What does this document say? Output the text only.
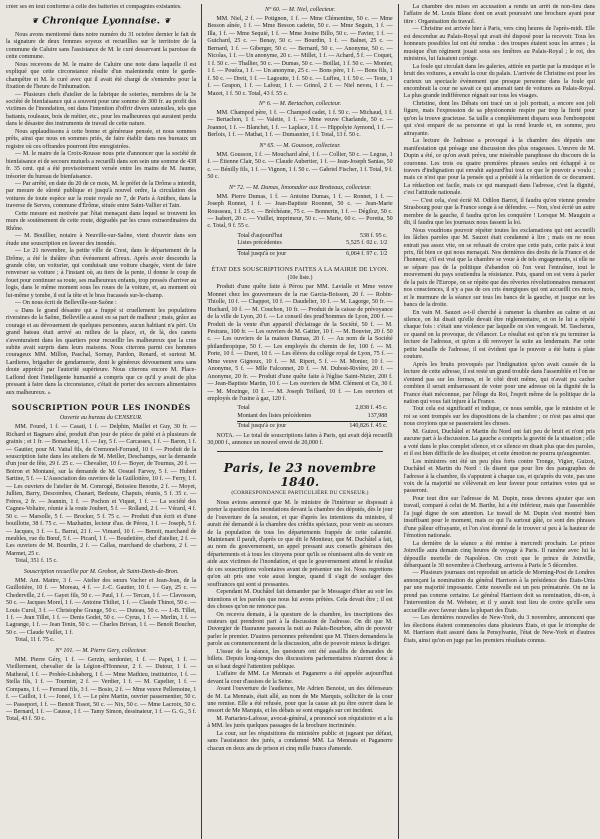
créer ses en tout conforme à celle des batteries et compagnies existantes.

❦ Chronique Lyonnaise. ❦

Nous avons mentionné dans notre numéro du 31 octobre dernier le fait de la signature de deux femmes soyeux et recueillies sur le territoire de la commune de Caluire sans l'assistance de M. le curé desservant la paroisse de cette commune.

Nous recevons de M. le maire de Caluire une note dans laquelle il est expliqué que cette circonstance résulte d'un malentendu entre le garde-champêtre et M. le curé avec qui il avait été chargé de s'entendre pour la fixation de l'heure de l'inhumation.

— Plusieurs chefs d'atelier de la fabrique de soieries, membres de la 3e société de bienfaisance qui a souvent pour une somme de 300 fr. au profit des victimes de l'inondation, ont dans l'intention d'offrir divers ustensiles, tels que battants, rouleaux, bois de métier, etc., pour les malheureux qui auraient perdu dans le désastre des instruments de travail de cette nature.

Nous applaudissons à cette bonne et généreuse pensée, et nous sommes prêts, ainsi que nous en sommes priés, de faire établir dans nos bureaux un registre où ces offrandes pourront être enregistrées.

— M. le maire de la Croix-Rousse nous prie d'annoncer que la société de bienfaisance et de secours mutuels a recueilli dans son sein une somme de 438 fr. 35 cent. qui a été provisoirement versée entre les mains de M. Jaume, trésorier du bureau de bienfaisance.

— Par arrêté, en date du 20 de ce mois, M. le préfet de la Drôme a interdit, par mesure de sûreté publique et jusqu'à nouvel ordre, la circulation des voitures de toute espèce sur la route royale no 7, de Paris à Antibes, dans la traverse de Serves, commune d'Érôme, située entre Saint-Vallier et Tain.

Cette mesure est motivée par l'état menaçant dans lequel se trouvent les murs de soutènement de cette route, dégradés par les crues extraordinaires du Rhône.

— M. Bouillier, notaire à Neuville-sur-Saône, vient d'ouvrir dans son étude une souscription en faveur des inondés.

— Le 21 novembre, la petite ville de Crest, dans le département de la Drôme, a été le théâtre d'un événement affreux. Après avoir descendu la grande côte, un voiturier, qui conduisait une voiture chargée, vient de faire renverser sa voiture ; à l'instant où, au tiers de la pente, il donne le coup de fouet pour continuer sa route, ses malheureux enfants, trop pressés d'arriver au logis, dans le même moment sous les roues de la voiture, et, au moment où lui-même y tombe, il eut la tête et le bras fracassés sur-le-champ.

— On nous écrit de Belleville-sur-Saône :

« Dans le grand désastre qui a frappé si cruellement les populations riveraines de la Saône, Belleville a aussi eu sa part de malheur ; mais, grâce au courage et au dévouement de quelques personnes, aucun habitant n'a péri. Un grand bateau était arrivé au milieu de la place, et, de là, des canots s'aventuraient dans les quartiers pour recueillir les malheureux que la crue subite avait surpris dans leurs maisons. Nous citerons parmi ces hommes courageux MM. Millon, Paschal, Sornay, Pardon, Renard, et surtout M. Lardieres, brigadier de gendarmerie, dont le généreux dévouement sera sans doute apprécié par l'autorité supérieure. Nous citerons encore M. Place-Laflond dont l'intelligente humanité a compris que ce qu'il y avait de plus pressant à faire dans la circonstance, c'était de porter des secours alimentaires aux malheureux. »

SOUSCRIPTION POUR LES INONDÉS
Ouverte au bureau du CENSEUR.

MM. Fourel, 1 f. — Casati, 1 f. — Delphin, Maillet et Guy, 30 fr. — Richard et Bagnaro aîné, produit d'un jour de pièce de piété et à plusieurs de grainis ; et 1 fr. — Bonacheur, 1 f. — Jay, 5 f. — Carcasses, 1 f. — Baron, 1 f. — Gautier, pour M. Vattal fils, de Cremonel-Forrand, 10 f. — Produit de la souscription faite dans les ateliers de M. Meiller, Deschamps, sur la demande d'un jour de fête, 29 f. 25 c. — Chevalier, 10 f.— Boyer, de Tournus, 20 f. — Boiron et Montané, sur la demande de M. Oosuel Farvey, 5 f. — Hubert Sartine, 5 f. — L'Association des ouvriers de la Guillotière, 10 f. — Ferry, 1 f. — Les ouvriers de l'atelier de M. Comrogé, Boissieu Benotte, 2 f. — Moyet, Jullien, Barry, Descombes, Chanart, Bedoute, Chapuis, réunis, 5 f. 35 c. — Frères, 2 fr. — Jeannin, 1 f. — Pochon et Viquet, 1 f. — La société des Cagnes-Voltaire, réunie à la route Joubert, 5 f. — Rolland, 2 f. — Vérard, 4 f. 50 c. — Marsolle, 5 f. — Brocker, 5 f. 75 c. — Produit d'un écrit et d'une bouillotte, 38 f. 75 c. — Mazhatim, lecteur d'au. de Pérou, 1 f. — Joseph, 5 f. — Jacques, 3 f. — L. Barrat, 21 f. — Vimard, 10 f. — Benoit, marchand de meubles, rue du Bœuf, 5 f. — Picard, 1 f. — Boudetière, chef d'atelier, 2 f. — Les ouvriers de M. Bourdin, 2 f. — Callas, marchand de charbons, 2 f. — Marmet, 25 c.

Total, 351 f. 15 c.

Souscription recueillie par M. Grobon, de Saint-Denis-de-Bron.

MM. Ant. Mattre, 3 f. — Atelier des sœurs Vacher et Jean-Jean, de la Guillotière, 10 f. — Moreau, 4 f. — J.-C. Gautier, 10 f. — Gay, 25 c. — Chederville, 2 f. — Gayet fils, 50 c. — Paul, 1 f. — Tercan, 1 f. — Clavosson, 50 c. — Jacques Morel, 1 f. — Antoine Thiliet, 1 f. — Claude Thinot, 50 c. — Louis Curol, 3 f. — Christophe Grange, 50 c. — Duteau, 50 c. — J.-B. Tillet, 1 f. — Jean Tillet, 1 f. — Denis Godet, 50 c. — Cyrus, 1 f. — Merlin, 1 f. — Lagrange, 1 f. — Jean Tenin, 50 c. — Charles Brivan, 1 f. — Benoît Boucher, 50 c. — Claude Vuillet, 1 f.

Total, 11 f. 75 c.

N° 101. — M. Pierre Gery, collecteur.

MM. Pierre Géry, 1 f. — Gerzin, serdonier, 1 f. — Papet, 1 f. — Vieillerment, chevalier de la Légion-d'Honneur, 2 f. — Dutour, 1 f. — Matheral, 1 f. — Prohée-Lishaberg, 1 f. — Mme Mathieu, institutrice, 1 f. — Stella fils, 1 f. — Tournier, 2 f. — Verdier, 1 f. — M. Capelier, 1 f. — Compans, 1 f. — Ferrand fils, 3 f. — Bosio, 2 f. — Mme veuve Pellemoine, 1 f. — Caillot, 1 f. — Joneé, 1 f. — Le père Martin, ouvrier passementier, 50 c. — Passeport, 1 f. — Benoit Tissot, 50 c. — Nix, 50 c. — Mme Lacroix, 50 c. — Bernard, 1 f. — Causse, 1 f. — Tamy Simon, dessinateur, 1 f. — G. G., 5 f. Total, 43 f. 50 c.

N° 60. — M. Niel, collecteur.

MM. Niel, 2 f. — Potignon, 1 f. — Mme Clémentine, 50 c. — Mme Besson aînée, 1 f. — Mme Besson cadette, 50 c. — Mme Seguin, 1 f. — Illa, 1 f. — Mme Sequié, 1 f. — Mme Josine Billo, 50 c. — Favier, 1 f. — Guichard, 25 c. — Benay, 50 c. — Bourdin, 1 f. — Balnet, 25 c. — Bernard, 1 f. — Giberger, 50 c. — Bernard, 50 c. — Anonyme, 50 c. — Nicolas, 1 f. — Un anonyme, 20 c. — Millet, 1 f. — Achard, 5 f. — Coquet, 1 f. 50 c. — Thallier, 50 c. — Dumas, 50 c. — Boillat, 1 f. 50 c. — Monier, 1 f. — Pouéza, 1 f. — Un anonyme, 25 c. — Bons père, 1 f. — Bons fils, 1 f. 50 c. — Dreit, 1 f. — Lagoutte, 1 f. 50 c. — Luffeu, 1 f. 50 c. — Teste, 1 f. — Grapon, 1 f. — Lafour, 1 f. — Grinol, 2 f. — Niel neveu, 1 f. — Mazet, 1 f. 50 c. Total, 43 f. 55 c.

N° 6. — M. Bertachon, collecteur.

MM. Champod père, 1 f. — Champod cadet, 1 f. 50 c. — Michaud, 1 f. — Bertachon, 1 f. — Valette, 1 f. — Mme veuve Charlande, 50 c. — Joannot, 1 f. — Blanchet, 1 f. — Laplace, 1 f. — Hippolyte Aymond, 1 f. — Berlois, 1 f. — Mathat, 1 f. — Dumasnier, 1 f. Total, 13 f. 50 c.

N° 65. — M. Gousson, collecteur.

MM. Gousson, 1 f. — Mouchard aîné, 1 f. — Collier, 50 c. — Legras, 1 f. — Étienne Clair, 50 c. — Claude Aubertier, 1 f. — Jean-Joseph Sanias, 50 c. — Bénilly fils, 1 f. — Vignon, 1 f. 50 c. — Gabriel Fischer, 1 f. Total, 9 f. 50 c.

N° 72. — M. Dumas, limonadier aux Brotteaux, collecteur.

MM. Pierre Dumas, 1 f. — Antoine Dumas, 1 f. — Ronnet, 1 f. — Joseph Ronnet, 1 f. — Jean-Baptiste Roonnet, 50 c. — Jean-Marie Rousseau, 1 f. 25 c. — Bréchéane, 75 c. — Bonnerin, 1 f. — Dégiloz, 50 c. — Isabert, 20 c. — Vuillet, imprimeur, 50 c. — Marie, 60 c. — Poretta, 50 c. Total, 9 f. 55 c.

Total d'aujourd'hui	538 f. 95 c.
Listes précédentes	5,525 f. 02 c. 1/2
Total jusqu'à ce jour	6,064 f. 97 c. 1/2
ÉTAT DES SOUSCRIPTIONS FAITES A LA MAIRIE DE LYON.
(10e liste.)

Produit d'une quête faite à Pérou par MM. Lavialle et Mme veuve Monnet chez les gouverneurs de la rue Garcia-Boisson, 20 f. — Robin-Thiolle, 10 f. — Chappot, 10 f. — Daudelier, 10 f. — M. Lagorge, 50 fr. — Huchard, 10 f. — M. Couchon, 10 fr. — Produit de la caisse de prévoyance de la ville de Lyon, 20 f. — Le conseil des prud'hommes de Lyon, 200 f. — Produit de la vente d'un appareil d'éclairage de la Société, 50 f. — M. Pestrans, 100 fr. — Les ouvriers de M. Gattier, 10 f. — M. Bouvier, 20 f. 50 c. — Les ouvriers de la maison Dumas, 20 f. — Au nom de la Société philanthropique, 50 f. — Les employés du chemin de fer, 100 f. — M. Porte, 10 f. — Duret, 10 f. — Les élèves du collège royal de Lyon, 75 f. — Mme veuve Gignoux, 10 f. — M. Ripert, 5 f. — M. Monier, 10 f. — Anonyme, 5 f. — Mlle Falconnet, 20 f. — M. Dubost-Rivière, 20 f. — Anonyme, 20 fr. — Produit d'une quête faite à l'église Saint-Nizier, 200 f. — Jean-Baptiste Martin, 10 f. — Les ouvriers de MM. Clément et Ce, 30 f. — M. Mozinge, 10 f. — M. Joseph Teillard, 10 f. — Les ouvriers et employés de l'usine à gaz, 120 f.

Total	2,838 f. 45 c.
Montant des listes précédentes	137,988
Total jusqu'à ce jour	140,826 f. 45 c.

NOTA. — Le total de souscriptions faites à Paris, qui avait déjà recueilli 30,000 f., annonce un nouvel envoi de 20,000 f.

Paris, le 23 novembre 1840.
(CORRESPONDANCE PARTICULIÈRE DU CENSEUR.)

Nous avions annoncé que M. le ministre de l'intérieur se disposait à porter la question des inondations devant la chambre des députés, dès le jour de l'ouverture de la session, et que d'après les intentions du ministre, il aurait été demandé à la chambre des crédits spéciaux, pour venir au secours de la population de tous les départements frappés de cette calamité. Maintenant il paraît, d'après ce que dit le Moniteur, que M. Duchâtel a fait, au nom du gouvernement, un appel pressant aux conseils généraux des départements et à tous les citoyens pour qu'ils se réunissent afin de venir en aide aux victimes de l'inondation, et que le gouvernement attend le résultat de ces souscriptions volontaires avant de présenter une loi. Nous regrettons qu'on ait pris une voie aussi longue, quand il s'agit de soulager des souffrances qui sont si pressantes.

Cependant M. Duchâtel fait demander par le Messager d'hier au soir les intentions et les paroles que nous lui avons prêtées. Cela devait être ; il est des choses qu'on ne renonce pas.

On recevra demain, à la questure de la chambre, les inscriptions des orateurs qui prendront part à la discussion de l'adresse. On dit que M. Duvergier de Hauranne passera la nuit au Palais-Bourbon, afin de pouvoir parler le premier. D'autres personnes prétendent que M. Thiers demandera la parole au commencement de la discussion, afin de pouvoir mieux la diriger.

L'issue de la séance, les questeurs ont été assaillis de demandes de billets. Depuis long-temps des discussions parlementaires n'auront donc à un si haut degré l'attention publique.

L'affaire de MM. Le Mennais et Paganerre a été appelée aujourd'hui devant la cour d'assises de la Seine.

Avant l'ouverture de l'audience, Me Adrien Benoist, un des défenseurs de M. La Mennais, était allé, au nom de Me Marquis, solliciter de la cour une remise. Elle a été refusée, pour que la cause ait pu être ouvrir dans le ressort de Me Marquis, et les débats se sont engagés sur cet incident.

M. Partarieu-Lafosse, avocat-général, a prononcé son réquisitoire et a lu à MM. les jurés quelques passages de la brochure incriminée.

La cour, sur les réquisitions du ministère public et jugeant par défaut, sans l'assistance des jurés, a condamné MM. La Mennais et Paganerre chacun en deux ans de prison et cinq mille francs d'amende.

La chambre des mises en accusation a rendu un arrêt de non-lieu dans l'affaire de M. Louis Blanc dont on avait poursuivi une brochure ayant pour titre : Organisation du travail.

— Christine est arrivée hier à Paris, vers cinq heures de l'après-midi. Elle est descendue au Palais-Royal qui avait été disposé pour la recevoir. Tous les honneurs possibles lui ont été rendus : des troupes étaient sous les armes ; la musique d'un régiment jouait sous ses fenêtres au Palais-Royal ; le roi, des ministres, lui faisaient cortège.

La foule qui circulait dans les galeries, attirée en partie par la musique et le bruit des voitures, a envahi la cour du palais. L'arrivée de Christine est pour les curieux un spectacle évènement que presque personne dans la foule qui encombrait la cour ne savait ce qui amenait tant de voitures au Palais-Royal. La plus grande indifférence régnait sur tous les visages.

Christine, dont les Débats ont tracé un si joli portrait, a encore son joli figure, mais l'expression de sa physionomie respire par trop la fierté pour qu'on la trouve gracieuse. Sa taille a complètement disparu sous l'embonpoint qui s'est emparé de sa personne et qui la rend lourde et, en somme, peu attrayante.

La lecture de l'adresse a provoqué à la chambre des députés une manifestation qui présage une discussion des plus orageuses. L'œuvre de M. Dupin a été, ce qu'on avait prévu, une misérable paraphrase du discours de la couronne. Les trois ou quatre premières phrases seules ont échappé à ce travers d'indignation qui envahit aujourd'hui tout ce que le pouvoir a voulu ; mais ce n'est que pour la pensée qui a présidé à la rédaction de ce document. La rédaction est facile, mais ce qui manquait dans l'adresse, c'est la dignité, c'est l'attitude nationale.

— C'est cela, s'est écrié M. Odilon Barrot, il faudra qu'on vienne prendre Strasbourg pour que la France songe à se défendre. — Non, s'est écrié un autre membre de la gauche, il faudra qu'on les conquière ! Lorsque M. Mauguin a dit, il faudra que les journaux nous fassent la loi.

Nous voudrions pouvoir répéter toutes les exclamations qui ont accueilli les lâches paroles que M. Sauzet était condamné à lire ; mais on ne nous entrait pas assez vite, on se refusait de croire que cette paix, cette paix à tout prix, fût bien ce qui nous menaçait. Nos dernières des droits de la France et de l'honneur, s'il est vrai que la chambre se voue à de tels engagements, si elle ne se sépare pas de la politique d'abandon où l'on veut l'entraîner, tout le mouvement du pays soutiendra la résistance. Puis, quand on est venu à parler de la paix de l'Europe, on se répète que des rêveries révolutionnaires menacent nos consciences, il n'y a pas de ces cris énergiques qui ont accueilli ces mots, et le murmure de la séance sur tous les bancs de la gauche, et jusque sur les bancs de la droite.

En vain M. Sauzet a-t-il cherché à ramener la chambre au calme et au silence, on lui disait qu'elle devait être réglementaire, et on le lui a répété chaque fois : c'était une violence par laquelle on s'en vengeait. M. Tascherau, ce quand on la provoque, de s'élancer. Le résultat est qu'on n'a pu terminer la lecture de l'adresse, et qu'on a dû renvoyer la suite au lendemain. Par cette petite bataille de l'adresse, il est évident que le pouvoir a été battu à plate couture.

Après les bruits provoqués par l'indignation qu'on avait causée de la lecture de cette adresse, il est resté un grand trouble dans l'assemblée et l'on ne s'entend pas sur les formes, et le côté droit même, qui n'avait pu cacher combien il serait embarrassant de voter pour une adresse où la dignité de la France était méconnue, par l'éloge du Roi, l'esprit même de la politique de la nation qui vous fait injure à la France.

Tout cela est significatif et indique, ce nous semble, que le ministre et le roi se sont trompés sur les dispositions de la chambre ; ce n'est pas ainsi que nous croyions que se passeraient les choses.

M. Guizot, Duchâtel et Martin du Nord ont fait peu de bruit et n'ont pris aucune part à la discussion. La gauche a compris la gravité de la situation ; elle a voté dans le plus complet silence, et ce silence en disait plus que des paroles, et il est bien difficile de les dissiper, et cette émotion ne pourra qu'augmenter.

Les ministres ont été un peu plus forts contre Tronge, Vigier, Guizot, Duchâtel et Martin du Nord : ils disent que pour lire des paragraphes de l'adresse à la chambre, ils s'appuient à chaque cas, et qu'après du vote, pas une voix de la majorité ne s'élèverait en leur faveur pour certaines votes qui se passeront.

Pour tout dire sur l'adresse de M. Dupin, nous devons ajouter que son travail, comparé à celui de M. Barthe, lui a été inférieur, mais que l'assemblée l'a jugé digne de son attention. Le travail de M. Dupin s'est montré bien insuffisant pour le moment, mais ce qui l'a surtout gâté, ce sont des phrases d'une pâleur effrayante, et l'on s'est étonné de le trouver si peu à la hauteur de l'émotion nationale.

La dernière de la séance a été remise à mercredi prochain. Le prince Joinville aura demain cinq heures de voyage à Paris. Il ramène avec lui la dépouille mortelle de Napoléon. On croit que le prince de Joinville, débarquant le 30 novembre à Cherbourg, arrivera à Paris le 5 décembre.

— Plusieurs journaux ont reproduit un article de Morning-Post de Londres annonçant la nomination du général Harrison à la présidence des États-Unis par une majorité imposante. Cette nouvelle est un peu prématurée. On ne la prend pas comme certaine. Le général Harrison doit sa nomination, dit-on, à l'intervention de M. Webster, et il y aurait tout lieu de croire qu'elle sera accueillie avec faveur dans la plupart des États.

— Les dernières nouvelles de New-York, du 3 novembre, annoncent que les élections étaient commencées dans plusieurs États, et que le triomphe de M. Harrison était assuré dans la Pensylvanie, l'état de New-York et d'autres États, ainsi qu'on en juge par les premiers résultats connus.
